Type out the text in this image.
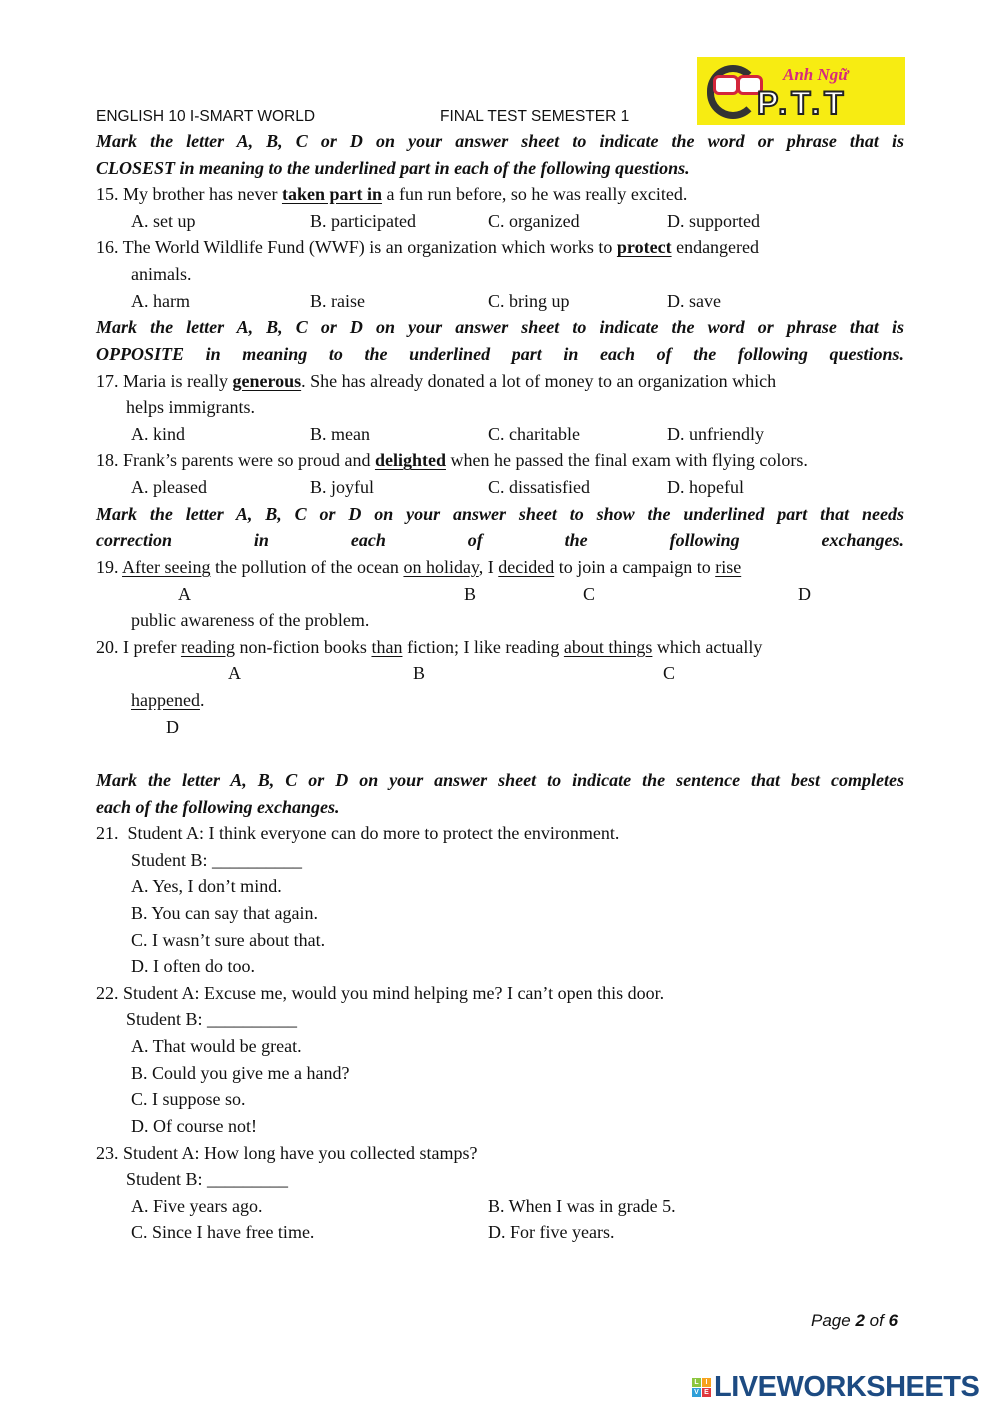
ENGLISH 10 I-SMART WORLD	FINAL TEST SEMESTER 1
Anh Ngữ
P.T.T
Mark the letter A, B, C or D on your answer sheet to indicate the word or phrase that is
CLOSEST in meaning to the underlined part in each of the following questions.
15. My brother has never taken part in a fun run before, so he was really excited.
A. set up	B. participated	C. organized	D. supported
16. The World Wildlife Fund (WWF) is an organization which works to protect endangered
animals.
A. harm	B. raise	C. bring up	D. save
Mark the letter A, B, C or D on your answer sheet to indicate the word or phrase that is
OPPOSITE in meaning to the underlined part in each of the following questions.
17. Maria is really generous. She has already donated a lot of money to an organization which
helps immigrants.
A. kind	B. mean	C. charitable	D. unfriendly
18. Frank’s parents were so proud and delighted when he passed the final exam with flying colors.
A. pleased	B. joyful	C. dissatisfied	D. hopeful
Mark the letter A, B, C or D on your answer sheet to show the underlined part that needs
correction in each of the following exchanges.
19. After seeing the pollution of the ocean on holiday, I decided to join a campaign to rise
A	B	C	D
public awareness of the problem.
20. I prefer reading non-fiction books than fiction; I like reading about things which actually
A	B	C
happened.
D
Mark the letter A, B, C or D on your answer sheet to indicate the sentence that best completes
each of the following exchanges.
21.  Student A: I think everyone can do more to protect the environment.
Student B: __________
A. Yes, I don’t mind.
B. You can say that again.
C. I wasn’t sure about that.
D. I often do too.
22. Student A: Excuse me, would you mind helping me? I can’t open this door.
Student B: __________
A. That would be great.
B. Could you give me a hand?
C. I suppose so.
D. Of course not!
23. Student A: How long have you collected stamps?
Student B: _________
A. Five years ago.	B. When I was in grade 5.
C. Since I have free time.	D. For five years.
Page 2 of 6
L I
V E LIVEWORKSHEETS
